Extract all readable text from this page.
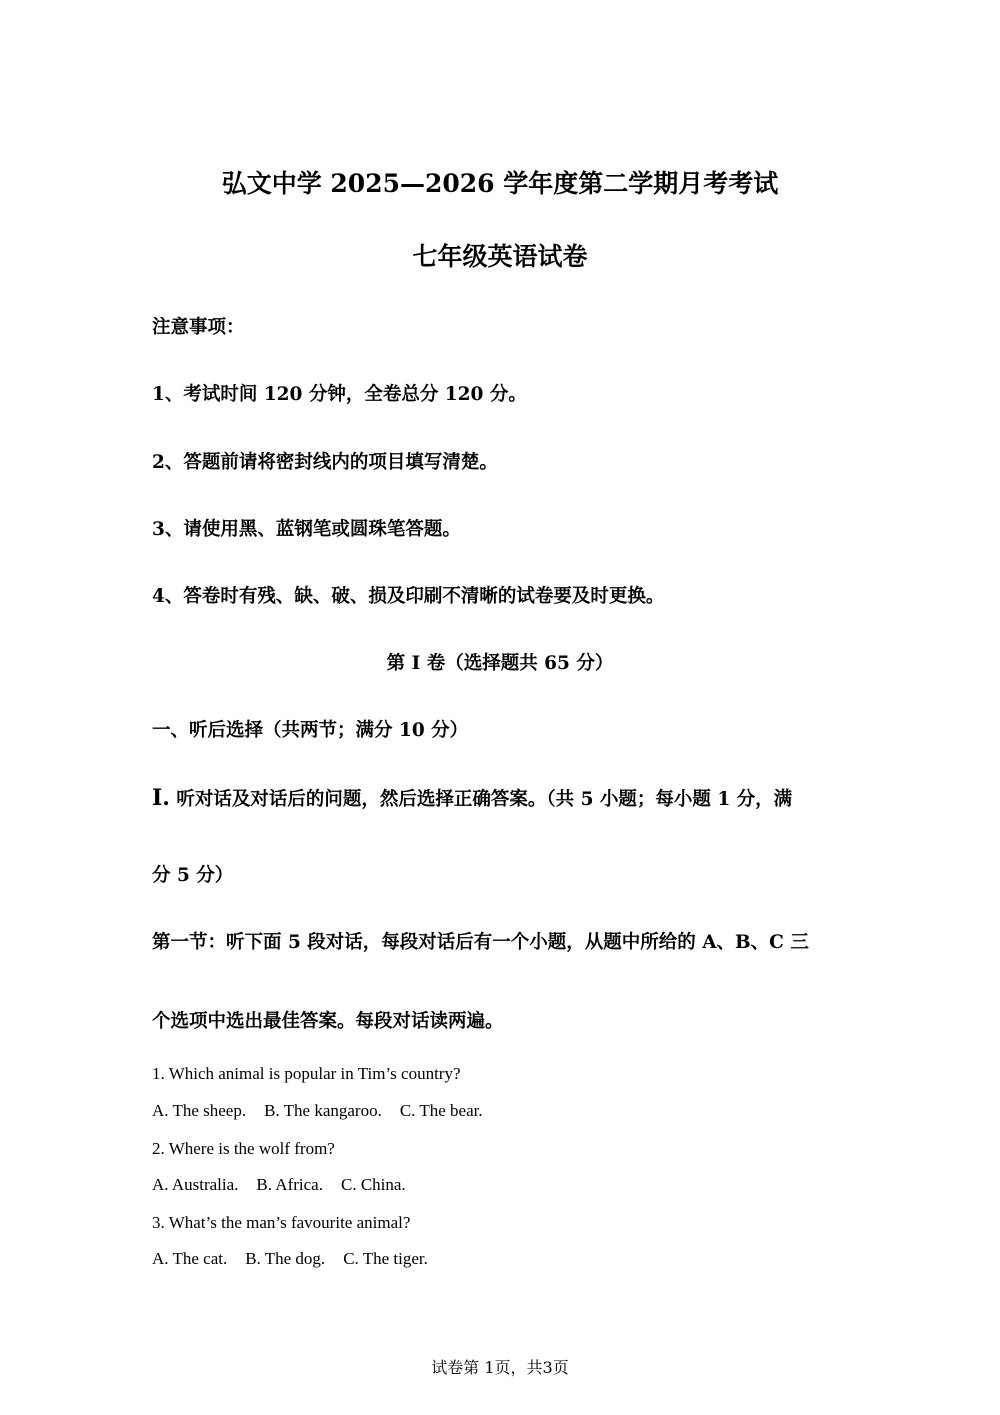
弘文中学 2025—2026 学年度第二学期月考考试
七年级英语试卷
注意事项：
1、考试时间 120 分钟，全卷总分 120 分。
2、答题前请将密封线内的项目填写清楚。
3、请使用黑、蓝钢笔或圆珠笔答题。
4、答卷时有残、缺、破、损及印刷不清晰的试卷要及时更换。
第 Ⅰ 卷（选择题共 65 分）
一、听后选择（共两节；满分 10 分）
I. 听对话及对话后的问题，然后选择正确答案。（共 5 小题；每小题 1 分，满
分 5 分）
第一节：听下面 5 段对话，每段对话后有一个小题，从题中所给的 A、B、C 三
个选项中选出最佳答案。每段对话读两遍。
1. Which animal is popular in Tim’s country?
A. The sheep. B. The kangaroo. C. The bear.
2. Where is the wolf from?
A. Australia. B. Africa. C. China.
3. What’s the man’s favourite animal?
A. The cat. B. The dog. C. The tiger.
试卷第 1页，共3页
